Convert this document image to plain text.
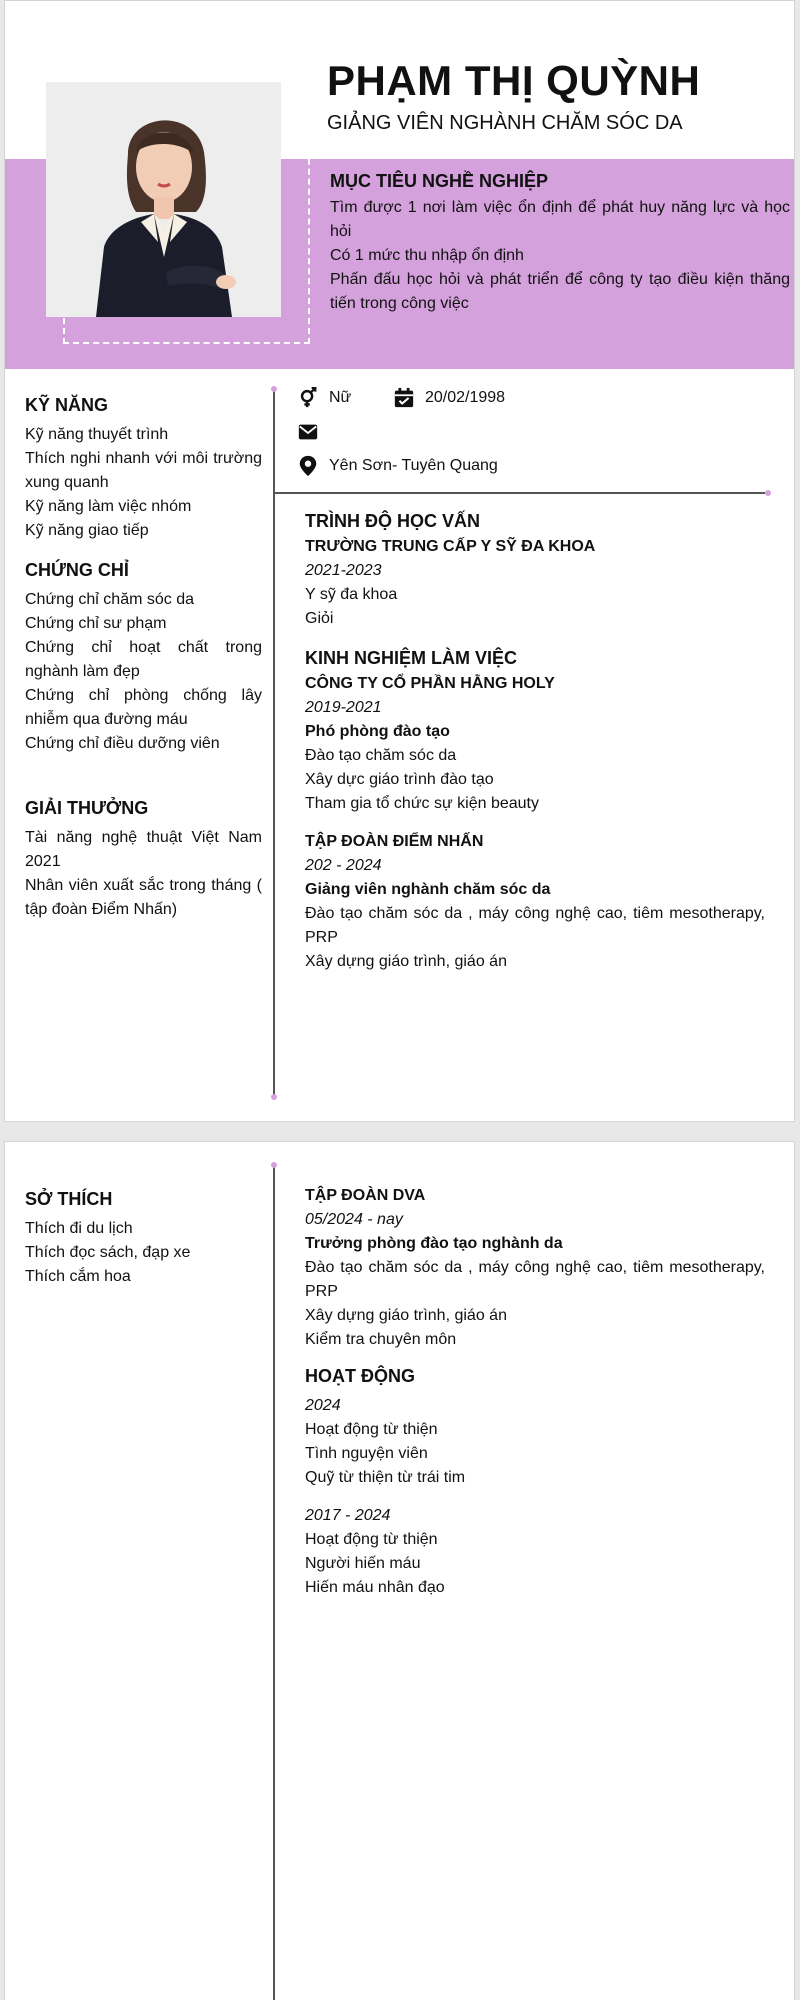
PHẠM THỊ QUỲNH
GIẢNG VIÊN NGHÀNH CHĂM SÓC DA
MỤC TIÊU NGHỀ NGHIỆP
Tìm được 1 nơi làm việc ổn định để phát huy năng lực và học hỏi
Có 1 mức thu nhập ổn định
Phấn đấu học hỏi và phát triển để công ty tạo điều kiện thăng tiến trong công việc
KỸ NĂNG
Kỹ năng thuyết trình
Thích nghi nhanh với môi trường xung quanh
Kỹ năng làm việc nhóm
Kỹ năng giao tiếp
CHỨNG CHỈ
Chứng chỉ chăm sóc da
Chứng chỉ sư phạm
Chứng chỉ hoạt chất trong nghành làm đẹp
Chứng chỉ phòng chống lây nhiễm qua đường máu
Chứng chỉ điều dưỡng viên
GIẢI THƯỞNG
Tài năng nghệ thuật Việt Nam 2021
Nhân viên xuất sắc trong tháng ( tập đoàn Điểm Nhấn)
Nữ	20/02/1998
Yên Sơn- Tuyên Quang
TRÌNH ĐỘ HỌC VẤN
TRƯỜNG TRUNG CẤP Y SỸ ĐA KHOA
2021-2023
Y sỹ đa khoa
Giỏi
KINH NGHIỆM LÀM VIỆC
CÔNG TY CỔ PHẦN HẰNG HOLY
2019-2021
Phó phòng đào tạo
Đào tạo chăm sóc da
Xây dực giáo trình đào tạo
Tham gia tổ chức sự kiện beauty
TẬP ĐOÀN ĐIỂM NHẤN
202 - 2024
Giảng viên nghành chăm sóc da
Đào tạo chăm sóc da , máy công nghệ cao, tiêm mesotherapy, PRP
Xây dựng giáo trình, giáo án
SỞ THÍCH
Thích đi du lịch
Thích đọc sách, đạp xe
Thích cắm hoa
TẬP ĐOÀN DVA
05/2024 - nay
Trưởng phòng đào tạo nghành da
Đào tạo chăm sóc da , máy công nghệ cao, tiêm mesotherapy, PRP
Xây dựng giáo trình, giáo án
Kiểm tra chuyên môn
HOẠT ĐỘNG
2024
Hoạt động từ thiện
Tình nguyện viên
Quỹ từ thiện từ trái tim
2017 - 2024
Hoạt động từ thiện
Người hiến máu
Hiến máu nhân đạo
